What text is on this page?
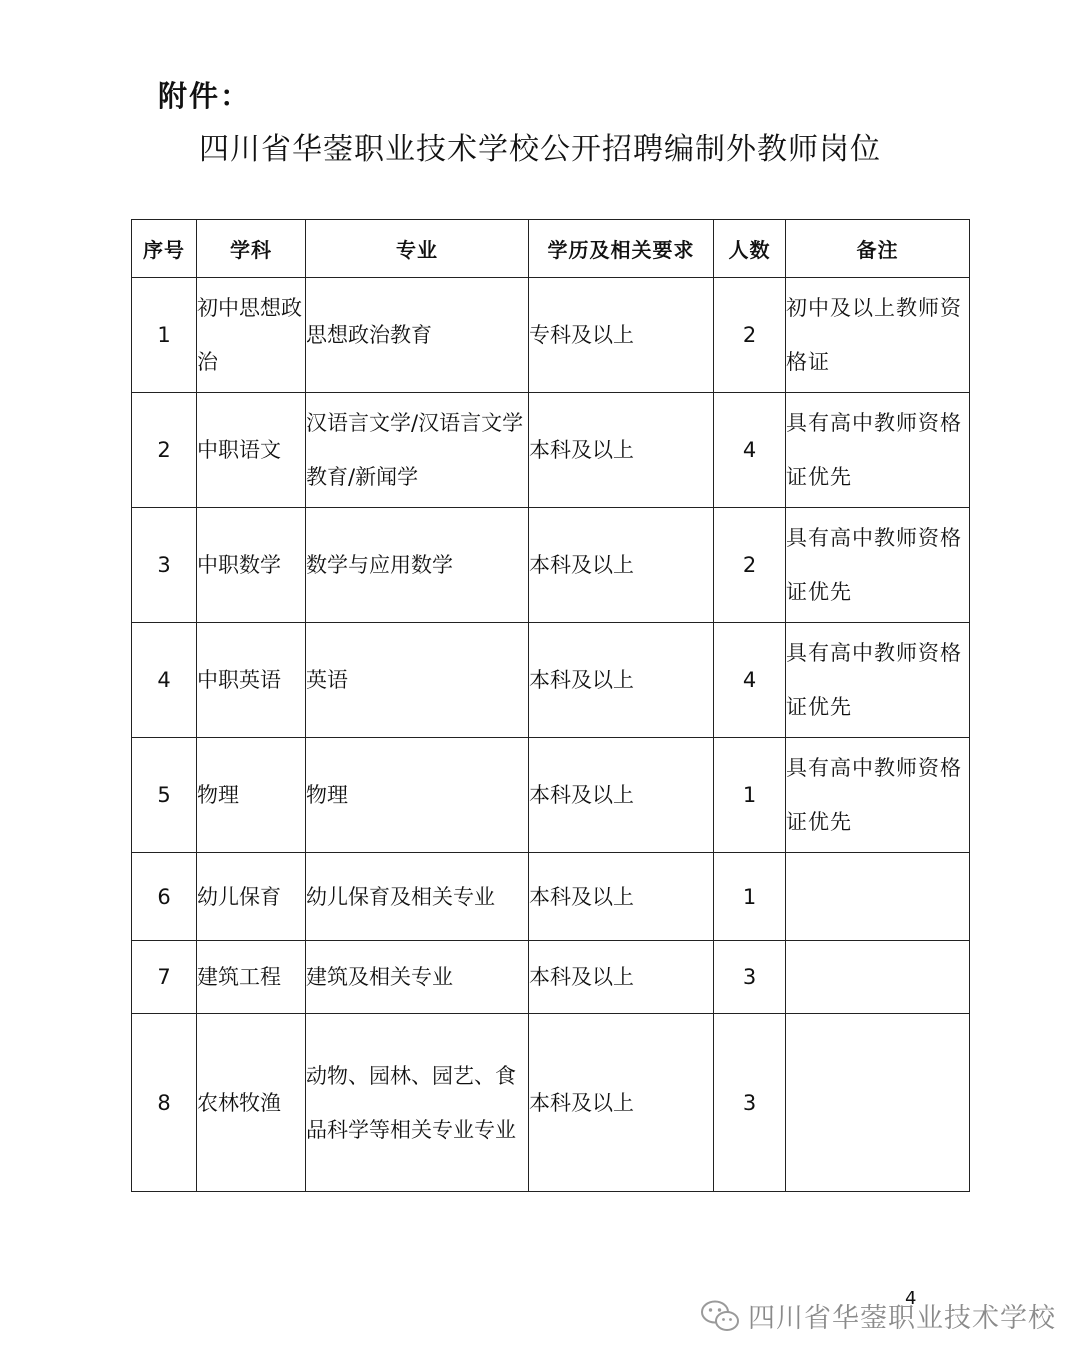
附件：
四川省华蓥职业技术学校公开招聘编制外教师岗位
序号	学科	专业	学历及相关要求	人数	备注
1	初中思想政治	思想政治教育	专科及以上	2	初中及以上教师资格证
2	中职语文	汉语言文学/汉语言文学教育/新闻学	本科及以上	4	具有高中教师资格证优先
3	中职数学	数学与应用数学	本科及以上	2	具有高中教师资格证优先
4	中职英语	英语	本科及以上	4	具有高中教师资格证优先
5	物理	物理	本科及以上	1	具有高中教师资格证优先
6	幼儿保育	幼儿保育及相关专业	本科及以上	1	
7	建筑工程	建筑及相关专业	本科及以上	3	
8	农林牧渔	动物、园林、园艺、食品科学等相关专业专业	本科及以上	3	
4
四川省华蓥职业技术学校
